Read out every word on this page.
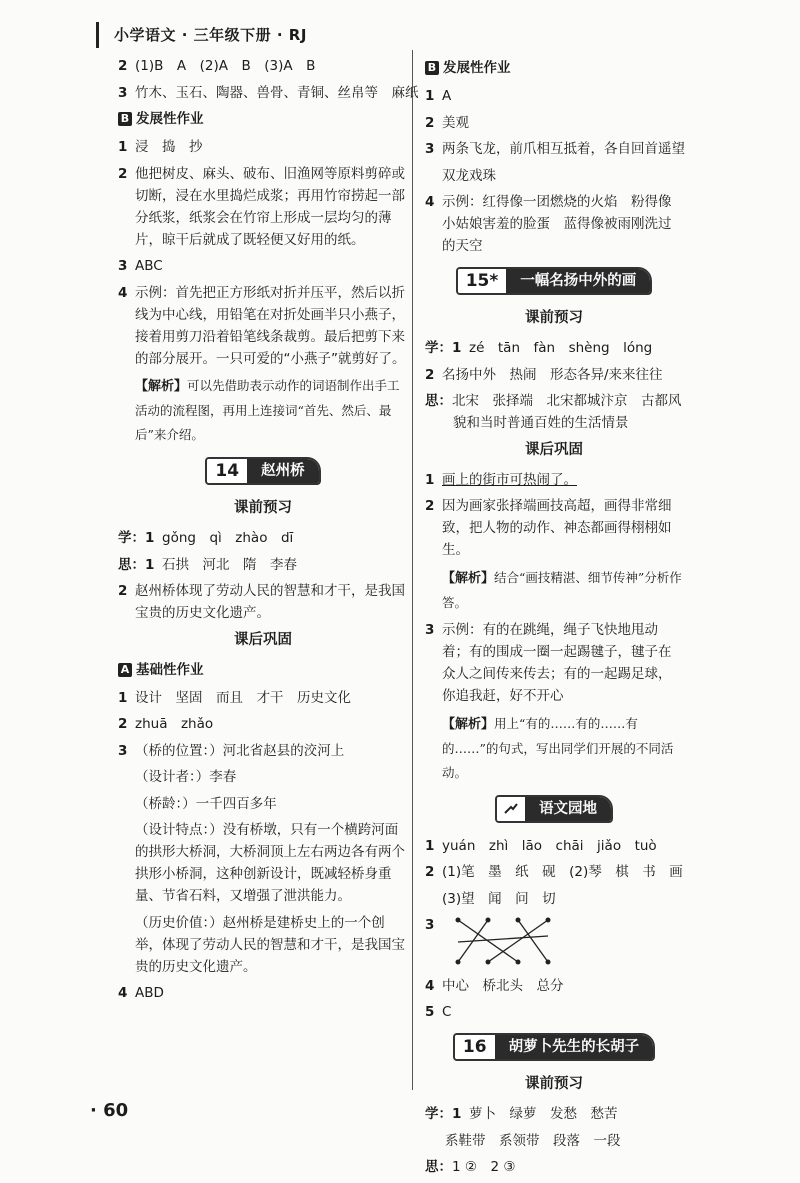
小学语文 · 三年级下册 · RJ
2 (1)B　A　(2)A　B　(3)A　B
3 竹木、玉石、陶器、兽骨、青铜、丝帛等　麻纸
B 发展性作业
1 浸　捣　抄
2 他把树皮、麻头、破布、旧渔网等原料剪碎或切断，浸在水里捣烂成浆；再用竹帘捞起一部分纸浆，纸浆会在竹帘上形成一层均匀的薄片，晾干后就成了既轻便又好用的纸。
3 ABC
4 示例：首先把正方形纸对折并压平，然后以折线为中心线，用铅笔在对折处画半只小燕子，接着用剪刀沿着铅笔线条裁剪。最后把剪下来的部分展开。一只可爱的“小燕子”就剪好了。
【解析】可以先借助表示动作的词语制作出手工活动的流程图，再用上连接词“首先、然后、最后”来介绍。
14	赵州桥
课前预习
学：1 gǒng　qì　zhào　dī
思：1 石拱　河北　隋　李春
2 赵州桥体现了劳动人民的智慧和才干，是我国宝贵的历史文化遗产。
课后巩固
A 基础性作业
1 设计　坚固　而且　才干　历史文化
2 zhuā　zhǎo
3 （桥的位置：）河北省赵县的洨河上
（设计者：）李春
（桥龄：）一千四百多年
（设计特点：）没有桥墩，只有一个横跨河面的拱形大桥洞，大桥洞顶上左右两边各有两个拱形小桥洞，这种创新设计，既减轻桥身重量、节省石料，又增强了泄洪能力。
（历史价值：）赵州桥是建桥史上的一个创举，体现了劳动人民的智慧和才干，是我国宝贵的历史文化遗产。
4 ABD
B 发展性作业
1 A
2 美观
3 两条飞龙，前爪相互抵着，各自回首遥望
双龙戏珠
4 示例：红得像一团燃烧的火焰　粉得像小姑娘害羞的脸蛋　蓝得像被雨刚洗过的天空
15*	一幅名扬中外的画
课前预习
学：1 zé　tān　fàn　shèng　lóng
2 名扬中外　热闹　形态各异/来来往往
思：北宋　张择端　北宋都城汴京　古都风貌和当时普通百姓的生活情景
课后巩固
1 画上的街市可热闹了。
2 因为画家张择端画技高超，画得非常细致，把人物的动作、神态都画得栩栩如生。
【解析】结合“画技精湛、细节传神”分析作答。
3 示例：有的在跳绳，绳子飞快地甩动着；有的围成一圈一起踢毽子，毽子在众人之间传来传去；有的一起踢足球，你追我赶，好不开心
【解析】用上“有的……有的……有的……”的句式，写出同学们开展的不同活动。
语文园地
1 yuán　zhì　lāo　chāi　jiǎo　tuò
2 (1)笔　墨　纸　砚　(2)琴　棋　书　画
(3)望　闻　问　切
3
4 中心　桥北头　总分
5 C
16	胡萝卜先生的长胡子
课前预习
学：1 萝卜　绿萝　发愁　愁苦
系鞋带　系领带　段落　一段
思：1 ②　2 ③
· 60
